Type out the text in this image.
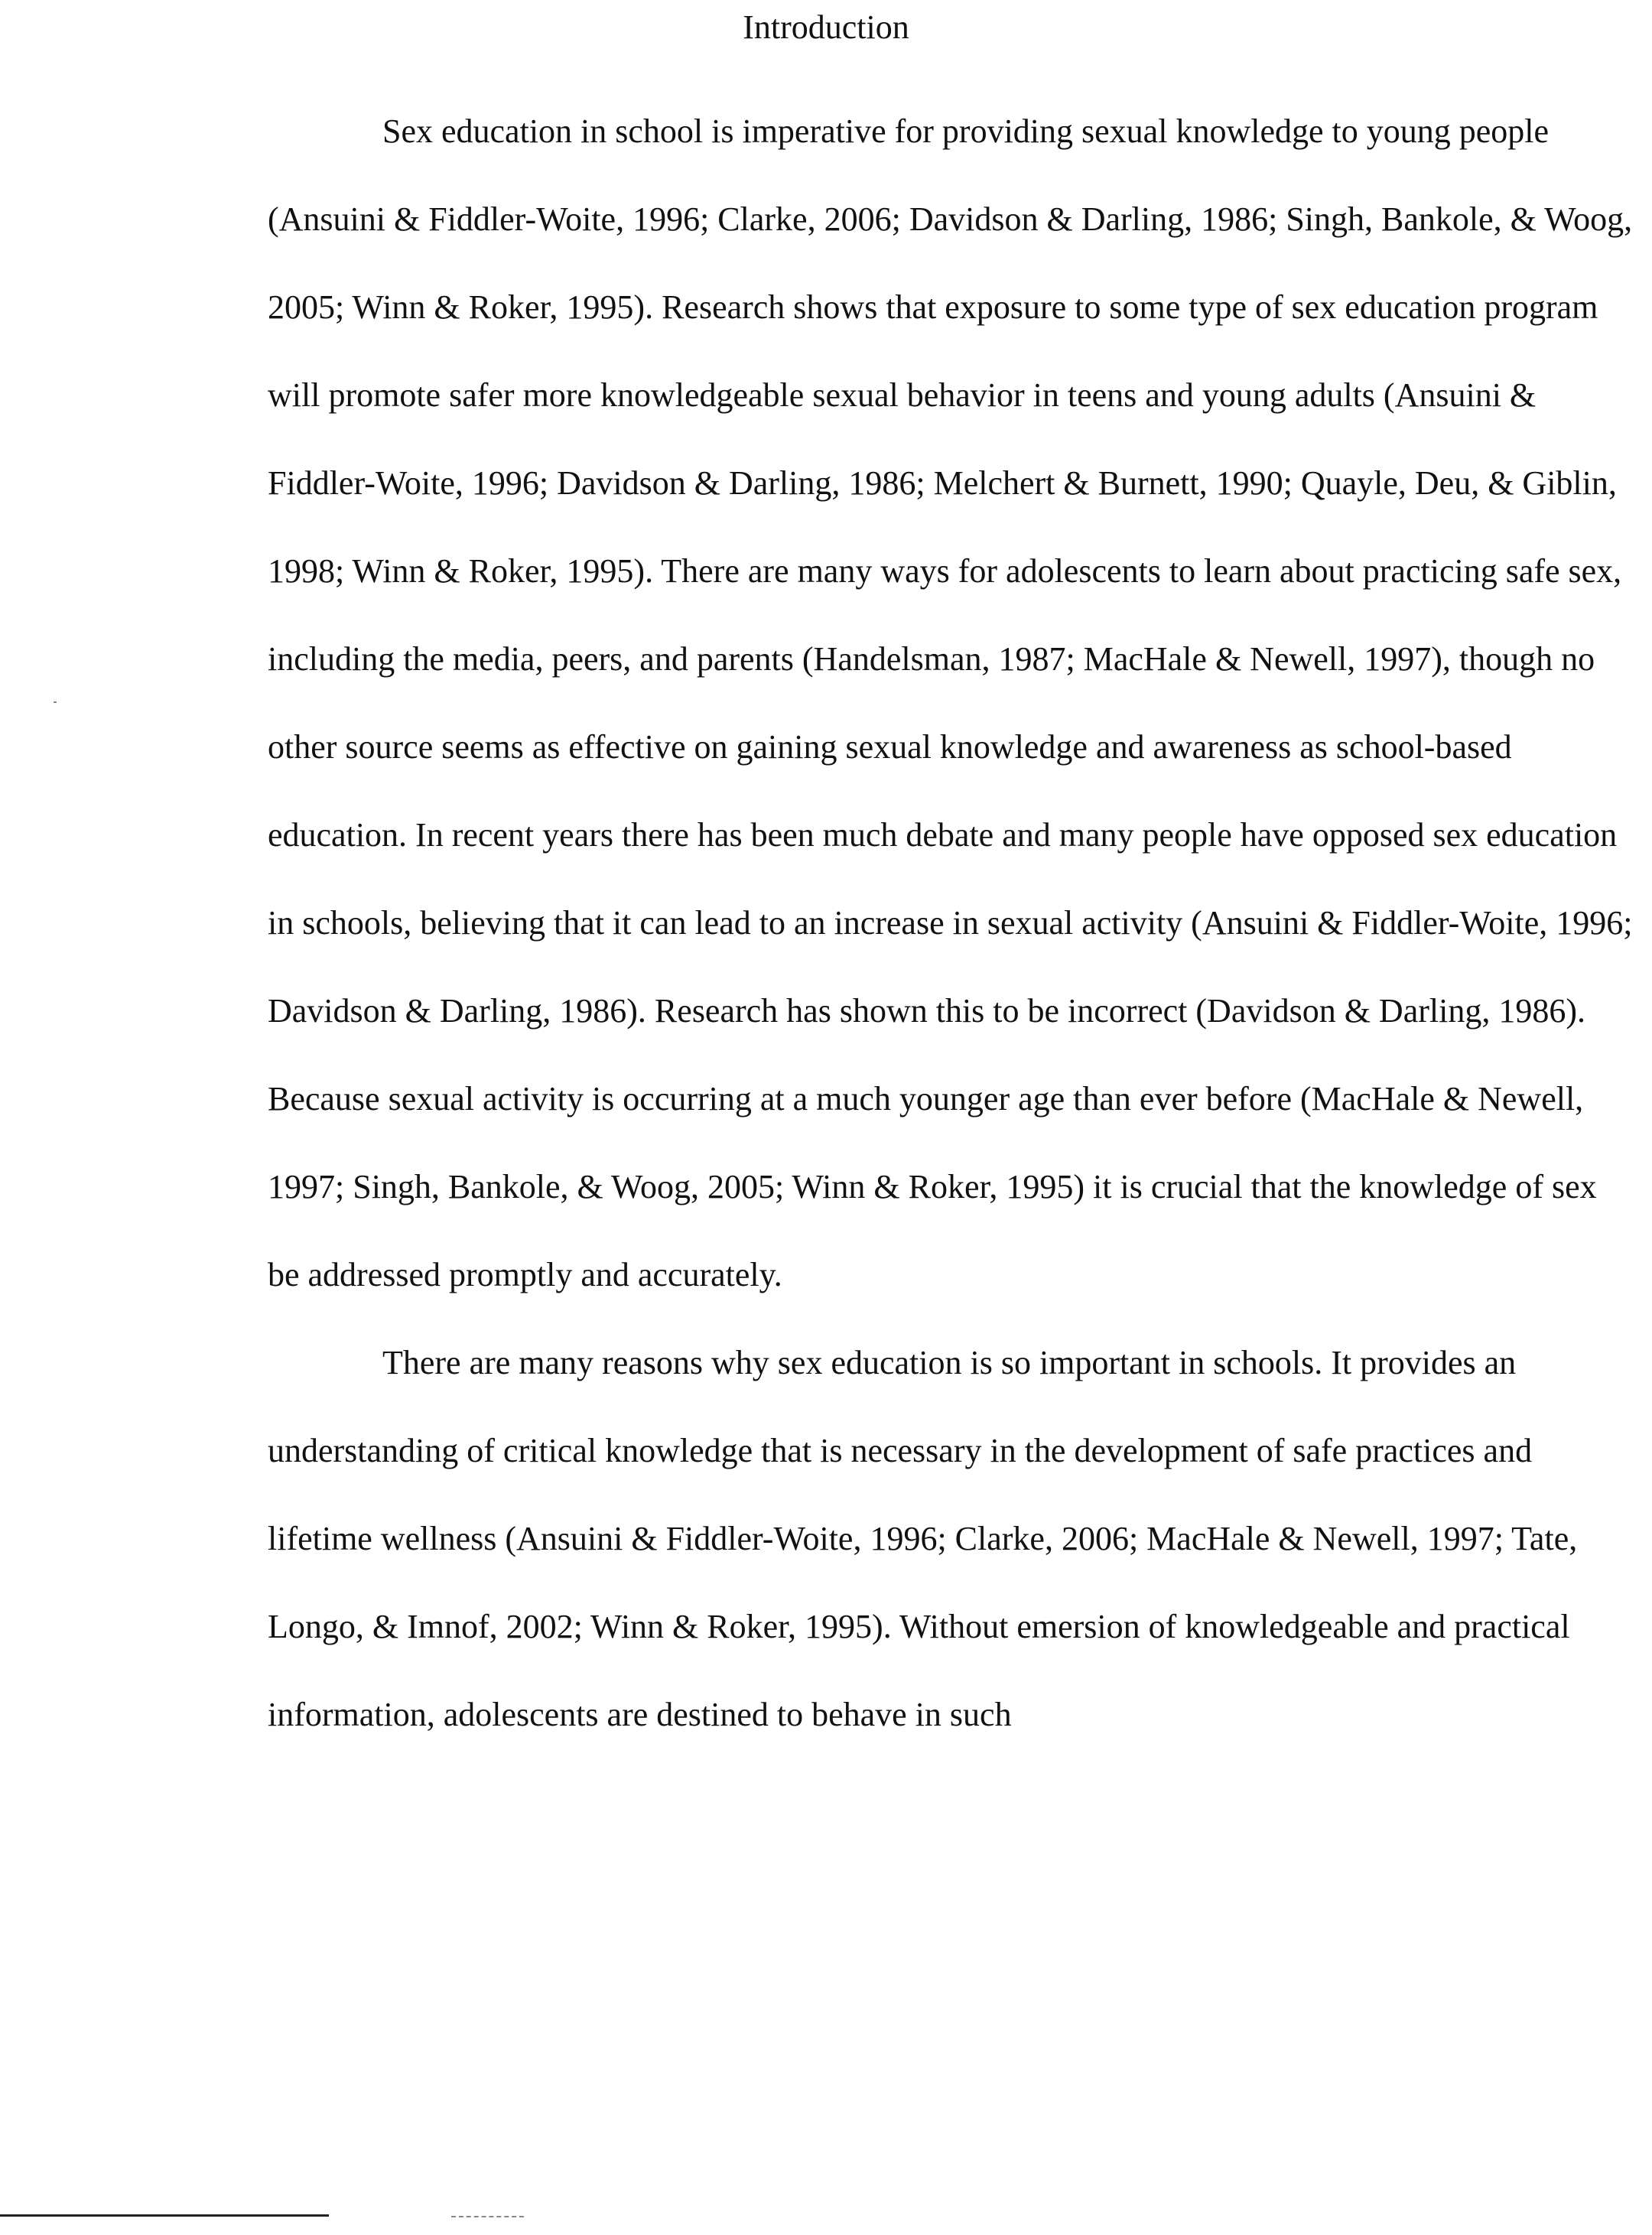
Introduction

Sex education in school is imperative for providing sexual knowledge to young people (Ansuini & Fiddler-Woite, 1996; Clarke, 2006; Davidson & Darling, 1986; Singh, Bankole, & Woog, 2005; Winn & Roker, 1995). Research shows that exposure to some type of sex education program will promote safer more knowledgeable sexual behavior in teens and young adults (Ansuini & Fiddler-Woite, 1996; Davidson & Darling, 1986; Melchert & Burnett, 1990; Quayle, Deu, & Giblin, 1998; Winn & Roker, 1995). There are many ways for adolescents to learn about practicing safe sex, including the media, peers, and parents (Handelsman, 1987; MacHale & Newell, 1997), though no other source seems as effective on gaining sexual knowledge and awareness as school-based education. In recent years there has been much debate and many people have opposed sex education in schools, believing that it can lead to an increase in sexual activity (Ansuini & Fiddler-Woite, 1996; Davidson & Darling, 1986). Research has shown this to be incorrect (Davidson & Darling, 1986). Because sexual activity is occurring at a much younger age than ever before (MacHale & Newell, 1997; Singh, Bankole, & Woog, 2005; Winn & Roker, 1995) it is crucial that the knowledge of sex be addressed promptly and accurately.

There are many reasons why sex education is so important in schools. It provides an understanding of critical knowledge that is necessary in the development of safe practices and lifetime wellness (Ansuini & Fiddler-Woite, 1996; Clarke, 2006; MacHale & Newell, 1997; Tate, Longo, & Imnof, 2002; Winn & Roker, 1995). Without emersion of knowledgeable and practical information, adolescents are destined to behave in such
